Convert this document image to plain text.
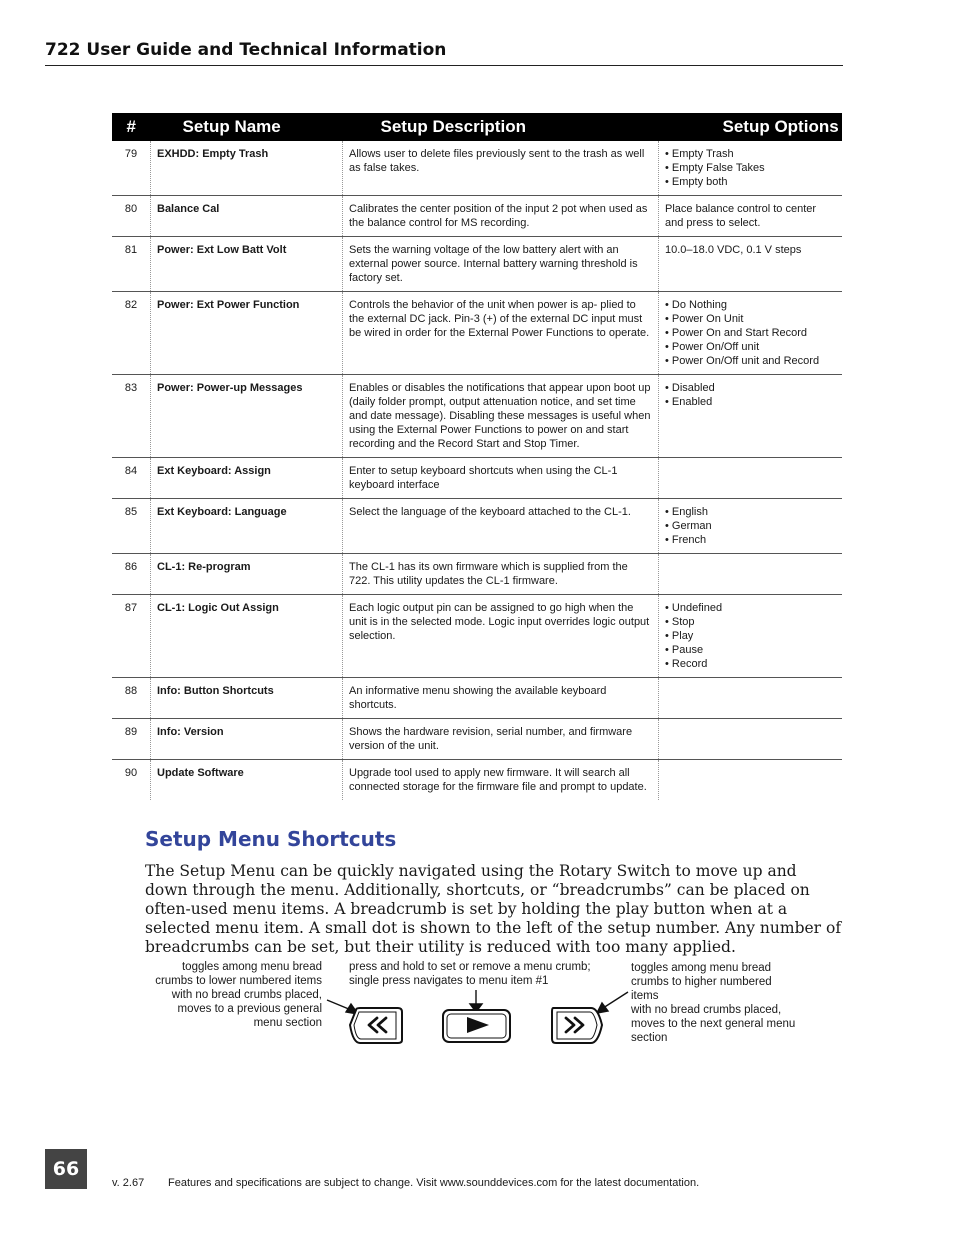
722 User Guide and Technical Information
#	Setup Name	Setup Description	Setup Options
79	EXHDD: Empty Trash	Allows user to delete files previously sent to the trash as well as false takes.	• Empty Trash
• Empty False Takes
• Empty both

80	Balance Cal	Calibrates the center position of the input 2 pot when used as the balance control for MS recording.	Place balance control to center and press to select.

81	Power: Ext Low Batt Volt	Sets the warning voltage of the low battery alert with an external power source. Internal battery warning threshold is factory set.	10.0–18.0 VDC, 0.1 V steps

82	Power: Ext Power Function	Controls the behavior of the unit when power is ap- plied to the external DC jack. Pin-3 (+) of the external DC input must be wired in order for the External Power Functions to operate.	• Do Nothing
• Power On Unit
• Power On and Start Record
• Power On/Off unit
• Power On/Off unit and Record

83	Power: Power-up Messages	Enables or disables the notifications that appear upon boot up (daily folder prompt, output attenuation notice, and set time and date message). Disabling these messages is useful when using the External Power Functions to power on and start recording and the Record Start and Stop Timer.	• Disabled
• Enabled

84	Ext Keyboard: Assign	Enter to setup keyboard shortcuts when using the CL-1 keyboard interface	
85	Ext Keyboard: Language	Select the language of the keyboard attached to the CL-1.	• English
• German
• French

86	CL-1: Re-program	The CL-1 has its own firmware which is supplied from the 722. This utility updates the CL-1 firmware.	
87	CL-1: Logic Out Assign	Each logic output pin can be assigned to go high when the unit is in the selected mode. Logic input overrides logic output selection.	• Undefined
• Stop
• Play
• Pause
• Record

88	Info: Button Shortcuts	An informative menu showing the available keyboard shortcuts.	
89	Info: Version	Shows the hardware revision, serial number, and firmware version of the unit.	
90	Update Software	Upgrade tool used to apply new firmware. It will search all connected storage for the firmware file and prompt to update.	
Setup Menu Shortcuts
The Setup Menu can be quickly navigated using the Rotary Switch to move up and down through the menu. Additionally, shortcuts, or “breadcrumbs” can be placed on often-used menu items. A breadcrumb is set by holding the play button when at a selected menu item. A small dot is shown to the left of the setup number. Any number of breadcrumbs can be set, but their utility is reduced with too many applied.
toggles among menu bread crumbs to lower numbered items with no bread crumbs placed, moves to a previous general menu section
press and hold to set or remove a menu crumb; single press navigates to menu item #1
toggles among menu bread crumbs to higher numbered items
with no bread crumbs placed, moves to the next general menu section
66
v. 2.67 Features and specifications are subject to change. Visit www.sounddevices.com for the latest documentation.
